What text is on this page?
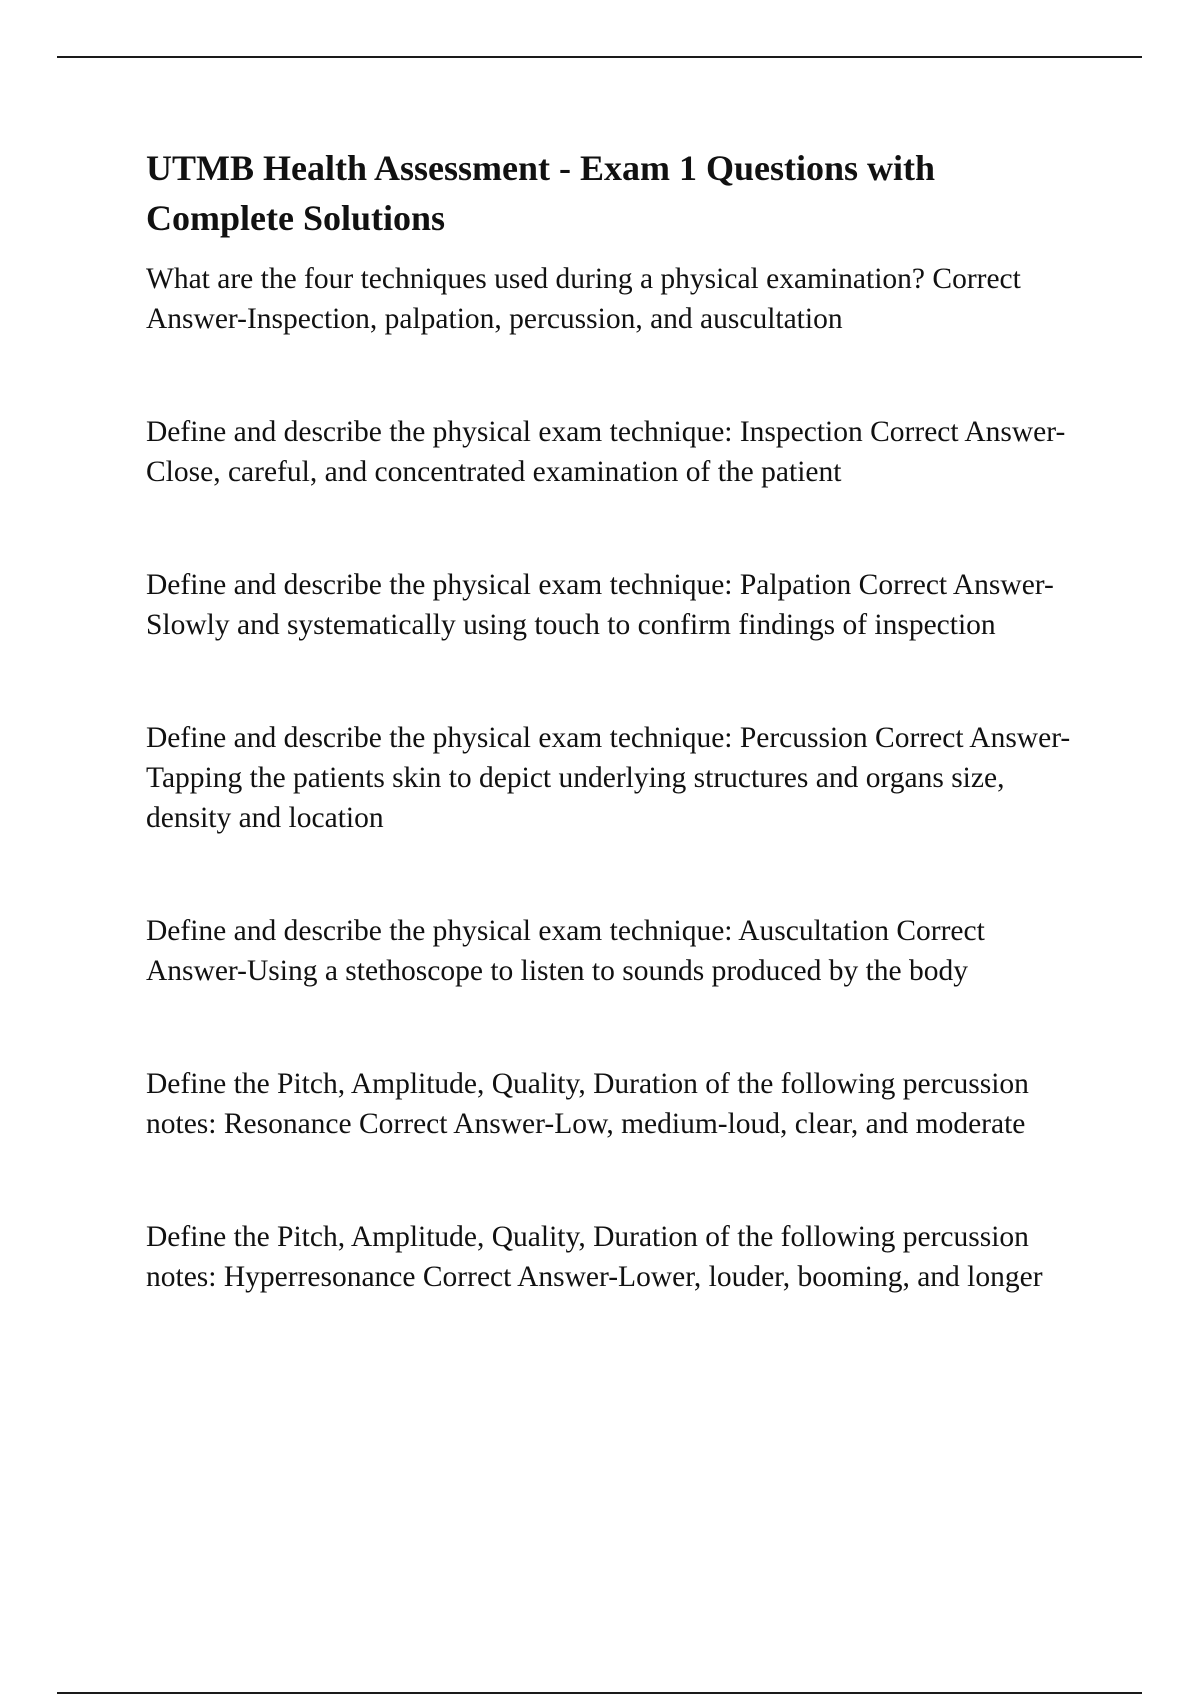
UTMB Health Assessment - Exam 1 Questions with Complete Solutions
What are the four techniques used during a physical examination? Correct Answer-Inspection, palpation, percussion, and auscultation
Define and describe the physical exam technique: Inspection Correct Answer-Close, careful, and concentrated examination of the patient
Define and describe the physical exam technique: Palpation Correct Answer-Slowly and systematically using touch to confirm findings of inspection
Define and describe the physical exam technique: Percussion Correct Answer-Tapping the patients skin to depict underlying structures and organs size, density and location
Define and describe the physical exam technique: Auscultation Correct Answer-Using a stethoscope to listen to sounds produced by the body
Define the Pitch, Amplitude, Quality, Duration of the following percussion notes: Resonance Correct Answer-Low, medium-loud, clear, and moderate
Define the Pitch, Amplitude, Quality, Duration of the following percussion notes: Hyperresonance Correct Answer-Lower, louder, booming, and longer
